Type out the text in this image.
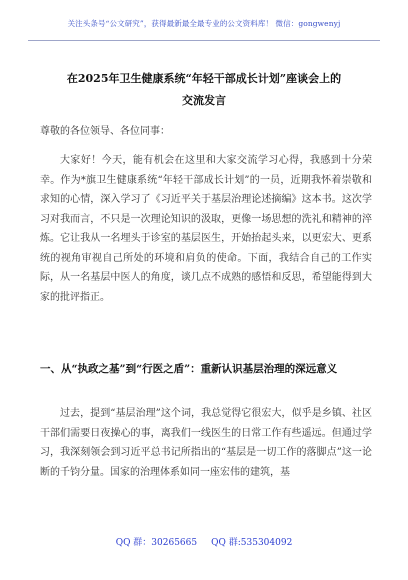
关注头条号“公文研究”，获得最新最全最专业的公文资料库！ 微信：gongwenyj
在2025年卫生健康系统“年轻干部成长计划”座谈会上的
交流发言
尊敬的各位领导、各位同事：

大家好！今天，能有机会在这里和大家交流学习心得，我感到十分荣幸。作为*旗卫生健康系统“年轻干部成长计划”的一员，近期我怀着崇敬和求知的心情，深入学习了《习近平关于基层治理论述摘编》这本书。这次学习对我而言，不只是一次理论知识的汲取，更像一场思想的洗礼和精神的淬炼。它让我从一名埋头于诊室的基层医生，开始抬起头来，以更宏大、更系统的视角审视自己所处的环境和肩负的使命。下面，我结合自己的工作实际，从一名基层中医人的角度，谈几点不成熟的感悟和反思，希望能得到大家的批评指正。

一、从“执政之基”到“行医之盾”：重新认识基层治理的深远意义

过去，提到“基层治理”这个词，我总觉得它很宏大，似乎是乡镇、社区干部们需要日夜操心的事，离我们一线医生的日常工作有些遥远。但通过学习，我深刻领会到习近平总书记所指出的“基层是一切工作的落脚点”这一论断的千钧分量。国家的治理体系如同一座宏伟的建筑，基

QQ 群：30265665 QQ 群:535304092
